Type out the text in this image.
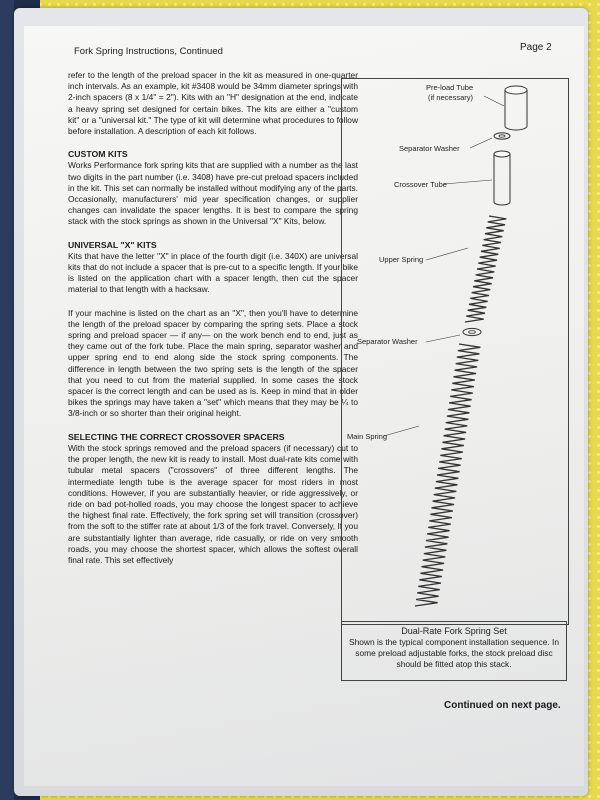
Fork Spring Instructions, Continued	Page 2

refer to the length of the preload spacer in the kit as measured in one-quarter inch intervals. As an example, kit #3408 would be 34mm diameter springs with 2-inch spacers (8 x 1/4" = 2"). Kits with an "H" designation at the end, indicate a heavy spring set designed for certain bikes. The kits are either a "custom kit" or a "universal kit." The type of kit will determine what procedures to follow before installation. A description of each kit follows.

CUSTOM KITS

Works Performance fork spring kits that are supplied with a number as the last two digits in the part number (i.e. 3408) have pre-cut preload spacers included in the kit. This set can normally be installed without modifying any of the parts. Occasionally, manufacturers' mid year specification changes, or supplier changes can invalidate the spacer lengths. It is best to compare the spring stack with the stock springs as shown in the Universal "X" Kits, below.

UNIVERSAL "X" KITS

Kits that have the letter "X" in place of the fourth digit (i.e. 340X) are universal kits that do not include a spacer that is pre-cut to a specific length. If your bike is listed on the application chart with a spacer length, then cut the spacer material to that length with a hacksaw.

If your machine is listed on the chart as an "X", then you'll have to determine the length of the preload spacer by comparing the spring sets. Place a stock spring and preload spacer — if any— on the work bench end to end, just as they came out of the fork tube. Place the main spring, separator washer and upper spring end to end along side the stock spring components. The difference in length between the two spring sets is the length of the spacer that you need to cut from the material supplied. In some cases the stock spacer is the correct length and can be used as is. Keep in mind that in older bikes the springs may have taken a "set" which means that they may be ¼ to 3/8-inch or so shorter than their original height.

SELECTING THE CORRECT CROSSOVER SPACERS

With the stock springs removed and the preload spacers (if necessary) cut to the proper length, the new kit is ready to install. Most dual-rate kits come with tubular metal spacers ("crossovers" of three different lengths. The intermediate length tube is the average spacer for most riders in most conditions. However, if you are substantially heavier, or ride aggressively, or ride on bad pot-holled roads, you may choose the longest spacer to achieve the highest final rate. Effectively, the fork spring set will transition (crossover) from the soft to the stiffer rate at about 1/3 of the fork travel. Conversely, If you are substantially lighter than average, ride casually, or ride on very smooth roads, you may choose the shortest spacer, which allows the softest overall final rate. This set effectively

Pre-load Tube
(if necessary)
Separator Washer
Crossover Tube
Upper Spring
Separator Washer
Main Spring
Dual-Rate Fork Spring Set
Shown is the typical component installation sequence. In some preload adjustable forks, the stock preload disc should be fitted atop this stack.
Continued on next page.
